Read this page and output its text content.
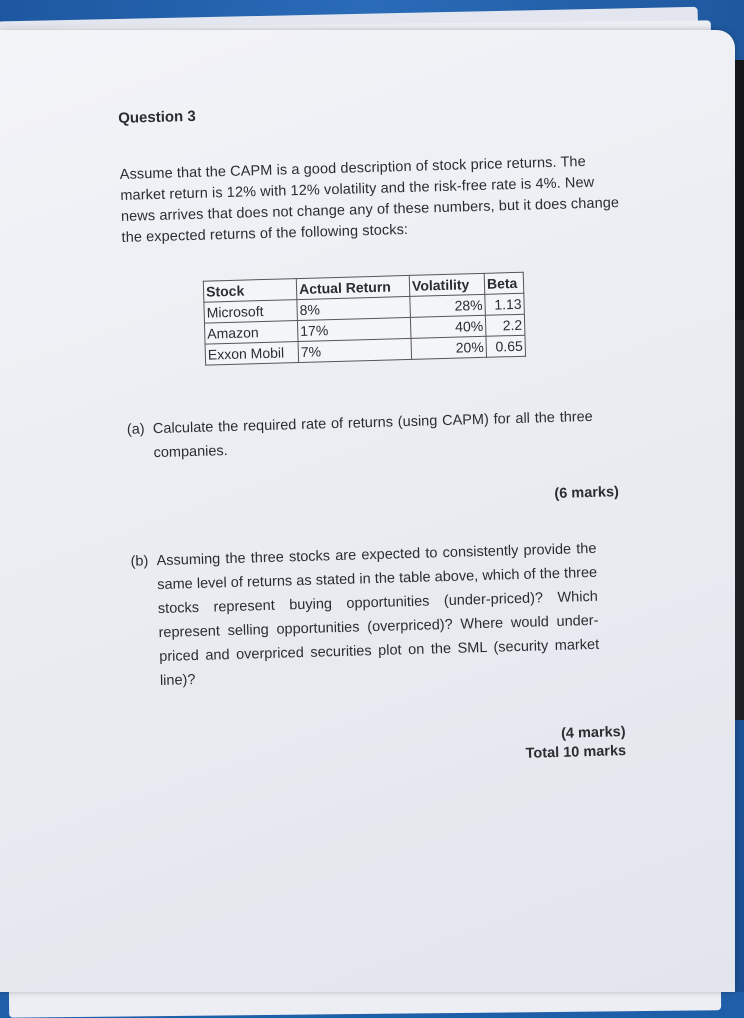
Question 3

Assume that the CAPM is a good description of stock price returns. The market return is 12% with 12% volatility and the risk-free rate is 4%. New news arrives that does not change any of these numbers, but it does change the expected returns of the following stocks:

Stock	Actual Return	Volatility	Beta
Microsoft	8%	28%	1.13
Amazon	17%	40%	2.2
Exxon Mobil	7%	20%	0.65

(a) Calculate the required rate of returns (using CAPM) for all the three companies.

(6 marks)

(b) Assuming the three stocks are expected to consistently provide the same level of returns as stated in the table above, which of the three stocks represent buying opportunities (under-priced)? Which represent selling opportunities (overpriced)? Where would under-priced and overpriced securities plot on the SML (security market line)?

(4 marks)

Total 10 marks
